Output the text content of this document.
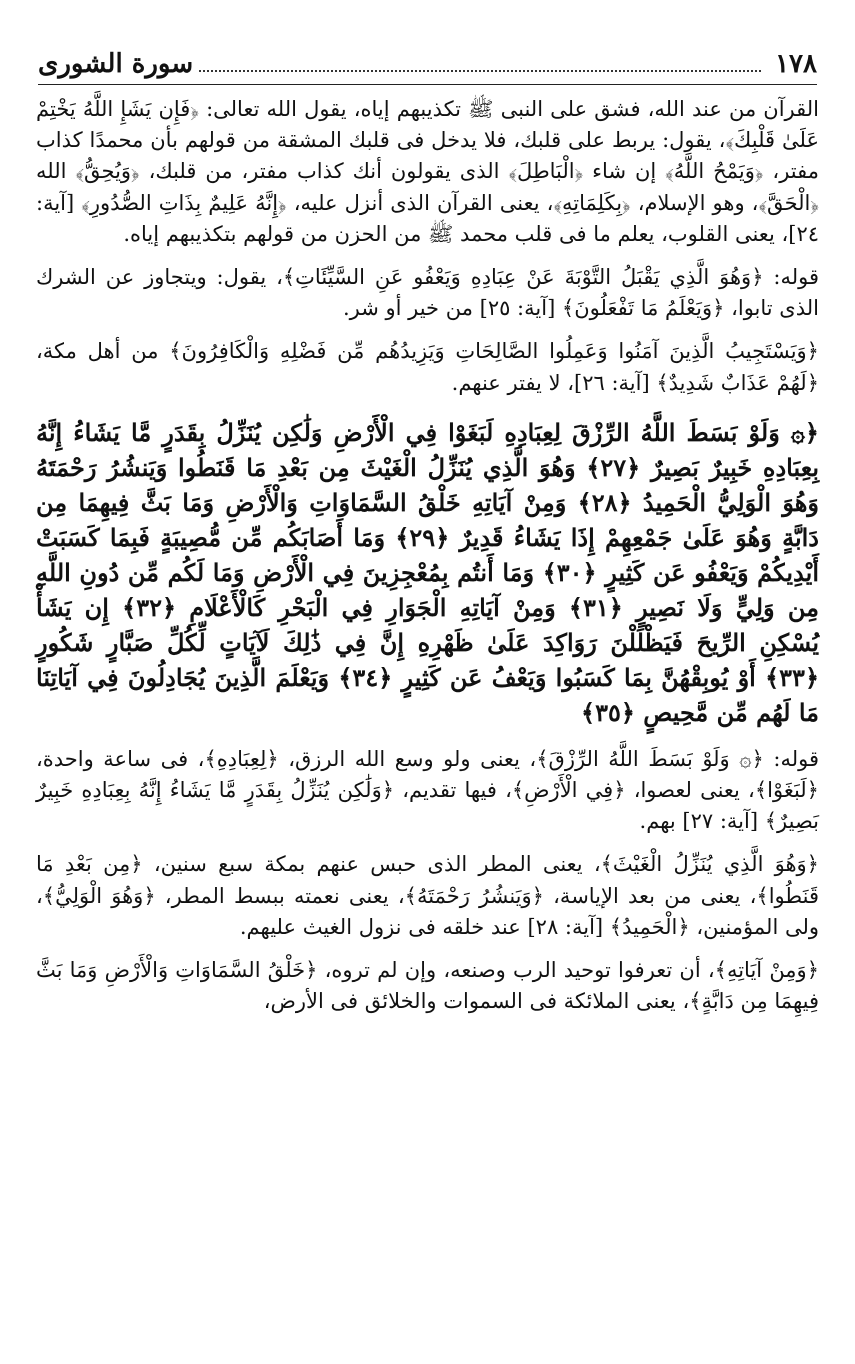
١٧٨
سورة الشورى

القرآن من عند الله، فشق على النبى ﷺ تكذيبهم إياه، يقول الله تعالى: ﴿فَإِن يَشَإِ اللَّهُ يَخْتِمْ عَلَىٰ قَلْبِكَ﴾، يقول: يربط على قلبك، فلا يدخل فى قلبك المشقة من قولهم بأن محمدًا كذاب مفتر، ﴿وَيَمْحُ اللَّهُ﴾ إن شاء ﴿الْبَاطِلَ﴾ الذى يقولون أنك كذاب مفتر، من قلبك، ﴿وَيُحِقُّ﴾ الله ﴿الْحَقَّ﴾، وهو الإسلام، ﴿بِكَلِمَاتِهِ﴾، يعنى القرآن الذى أنزل عليه، ﴿إِنَّهُ عَلِيمٌ بِذَاتِ الصُّدُورِ﴾ [آية: ٢٤]، يعنى القلوب، يعلم ما فى قلب محمد ﷺ من الحزن من قولهم بتكذيبهم إياه.

قوله: ﴿وَهُوَ الَّذِي يَقْبَلُ التَّوْبَةَ عَنْ عِبَادِهِ وَيَعْفُو عَنِ السَّيِّئَاتِ﴾، يقول: ويتجاوز عن الشرك الذى تابوا، ﴿وَيَعْلَمُ مَا تَفْعَلُونَ﴾ [آية: ٢٥] من خير أو شر.

﴿وَيَسْتَجِيبُ الَّذِينَ آمَنُوا وَعَمِلُوا الصَّالِحَاتِ وَيَزِيدُهُم مِّن فَضْلِهِ وَالْكَافِرُونَ﴾ من أهل مكة، ﴿لَهُمْ عَذَابٌ شَدِيدٌ﴾ [آية: ٢٦]، لا يفتر عنهم.

﴿۞ وَلَوْ بَسَطَ اللَّهُ الرِّزْقَ لِعِبَادِهِ لَبَغَوْا فِي الْأَرْضِ وَلَٰكِن يُنَزِّلُ بِقَدَرٍ مَّا يَشَاءُ إِنَّهُ بِعِبَادِهِ خَبِيرٌ بَصِيرٌ ﴿٢٧﴾ وَهُوَ الَّذِي يُنَزِّلُ الْغَيْثَ مِن بَعْدِ مَا قَنَطُوا وَيَنشُرُ رَحْمَتَهُ وَهُوَ الْوَلِيُّ الْحَمِيدُ ﴿٢٨﴾ وَمِنْ آيَاتِهِ خَلْقُ السَّمَاوَاتِ وَالْأَرْضِ وَمَا بَثَّ فِيهِمَا مِن دَابَّةٍ وَهُوَ عَلَىٰ جَمْعِهِمْ إِذَا يَشَاءُ قَدِيرٌ ﴿٢٩﴾ وَمَا أَصَابَكُم مِّن مُّصِيبَةٍ فَبِمَا كَسَبَتْ أَيْدِيكُمْ وَيَعْفُو عَن كَثِيرٍ ﴿٣٠﴾ وَمَا أَنتُم بِمُعْجِزِينَ فِي الْأَرْضِ وَمَا لَكُم مِّن دُونِ اللَّهِ مِن وَلِيٍّ وَلَا نَصِيرٍ ﴿٣١﴾ وَمِنْ آيَاتِهِ الْجَوَارِ فِي الْبَحْرِ كَالْأَعْلَامِ ﴿٣٢﴾ إِن يَشَأْ يُسْكِنِ الرِّيحَ فَيَظْلَلْنَ رَوَاكِدَ عَلَىٰ ظَهْرِهِ إِنَّ فِي ذَٰلِكَ لَآيَاتٍ لِّكُلِّ صَبَّارٍ شَكُورٍ ﴿٣٣﴾ أَوْ يُوبِقْهُنَّ بِمَا كَسَبُوا وَيَعْفُ عَن كَثِيرٍ ﴿٣٤﴾ وَيَعْلَمَ الَّذِينَ يُجَادِلُونَ فِي آيَاتِنَا مَا لَهُم مِّن مَّحِيصٍ ﴿٣٥﴾

قوله: ﴿۞ وَلَوْ بَسَطَ اللَّهُ الرِّزْقَ﴾، يعنى ولو وسع الله الرزق، ﴿لِعِبَادِهِ﴾، فى ساعة واحدة، ﴿لَبَغَوْا﴾، يعنى لعصوا، ﴿فِي الْأَرْضِ﴾، فيها تقديم، ﴿وَلَٰكِن يُنَزِّلُ بِقَدَرٍ مَّا يَشَاءُ إِنَّهُ بِعِبَادِهِ خَبِيرٌ بَصِيرٌ﴾ [آية: ٢٧] بهم.

﴿وَهُوَ الَّذِي يُنَزِّلُ الْغَيْثَ﴾، يعنى المطر الذى حبس عنهم بمكة سبع سنين، ﴿مِن بَعْدِ مَا قَنَطُوا﴾، يعنى من بعد الإياسة، ﴿وَيَنشُرُ رَحْمَتَهُ﴾، يعنى نعمته ببسط المطر، ﴿وَهُوَ الْوَلِيُّ﴾، ولى المؤمنين، ﴿الْحَمِيدُ﴾ [آية: ٢٨] عند خلقه فى نزول الغيث عليهم.

﴿وَمِنْ آيَاتِهِ﴾، أن تعرفوا توحيد الرب وصنعه، وإن لم تروه، ﴿خَلْقُ السَّمَاوَاتِ وَالْأَرْضِ وَمَا بَثَّ فِيهِمَا مِن دَابَّةٍ﴾، يعنى الملائكة فى السموات والخلائق فى الأرض،
